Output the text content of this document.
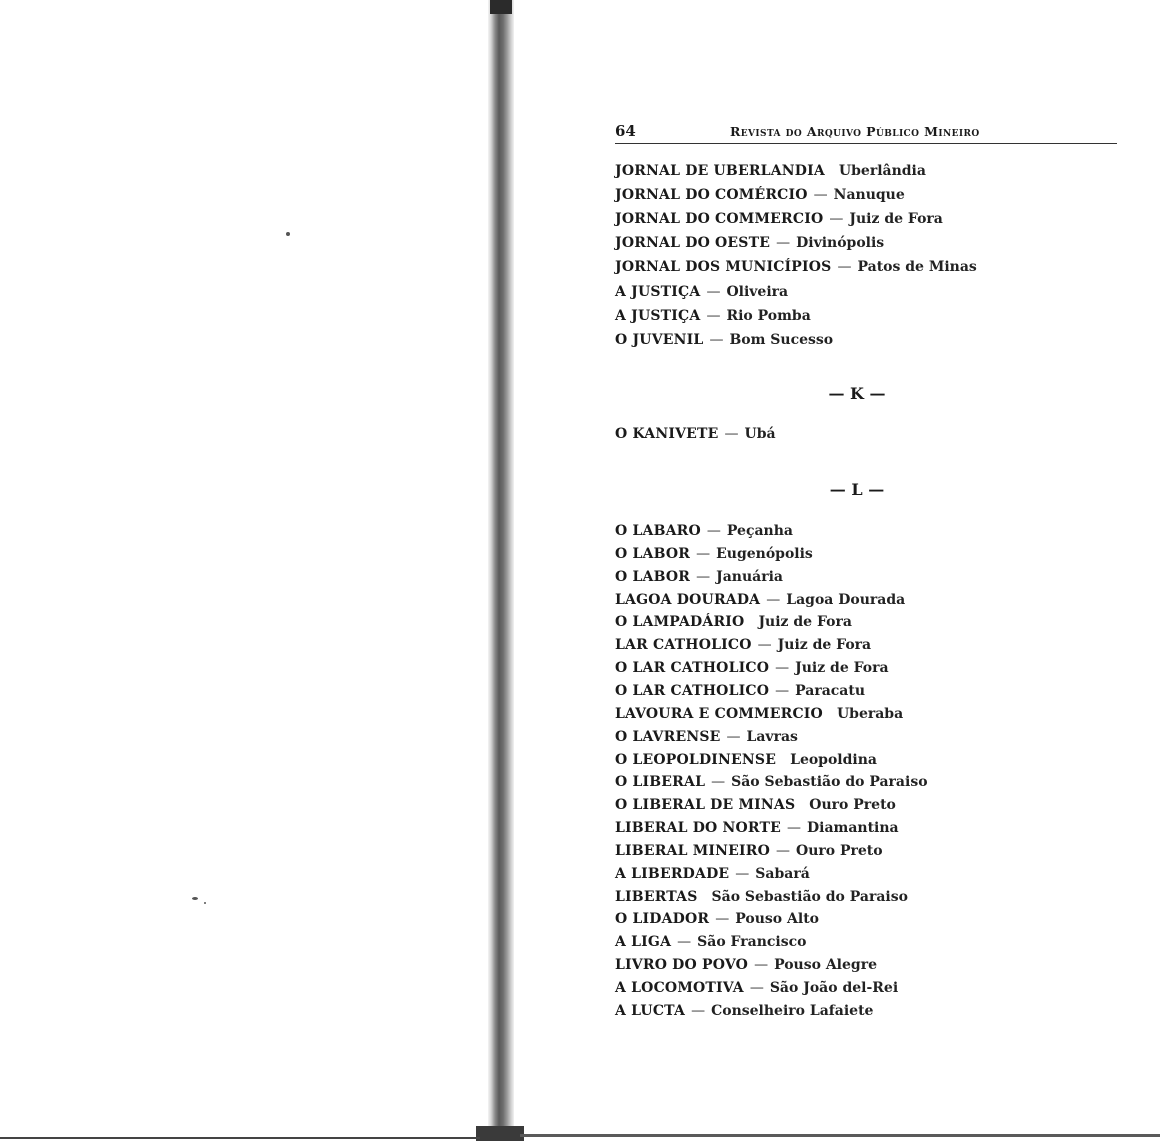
64	Revista do Arquivo Público Mineiro
— K —
— L —
JORNAL DE UBERLANDIA Uberlândia
JORNAL DO COMÉRCIO — Nanuque
JORNAL DO COMMERCIO — Juiz de Fora
JORNAL DO OESTE — Divinópolis
JORNAL DOS MUNICÍPIOS — Patos de Minas
A JUSTIÇA — Oliveira
A JUSTIÇA — Rio Pomba
O JUVENIL — Bom Sucesso
O KANIVETE — Ubá
O LABARO — Peçanha
O LABOR — Eugenópolis
O LABOR — Januária
LAGOA DOURADA — Lagoa Dourada
O LAMPADÁRIO Juiz de Fora
LAR CATHOLICO — Juiz de Fora
O LAR CATHOLICO — Juiz de Fora
O LAR CATHOLICO — Paracatu
LAVOURA E COMMERCIO Uberaba
O LAVRENSE — Lavras
O LEOPOLDINENSE Leopoldina
O LIBERAL — São Sebastião do Paraiso
O LIBERAL DE MINAS Ouro Preto
LIBERAL DO NORTE — Diamantina
LIBERAL MINEIRO — Ouro Preto
A LIBERDADE — Sabará
LIBERTAS São Sebastião do Paraiso
O LIDADOR — Pouso Alto
A LIGA — São Francisco
LIVRO DO POVO — Pouso Alegre
A LOCOMOTIVA — São João del-Rei
A LUCTA — Conselheiro Lafaiete
